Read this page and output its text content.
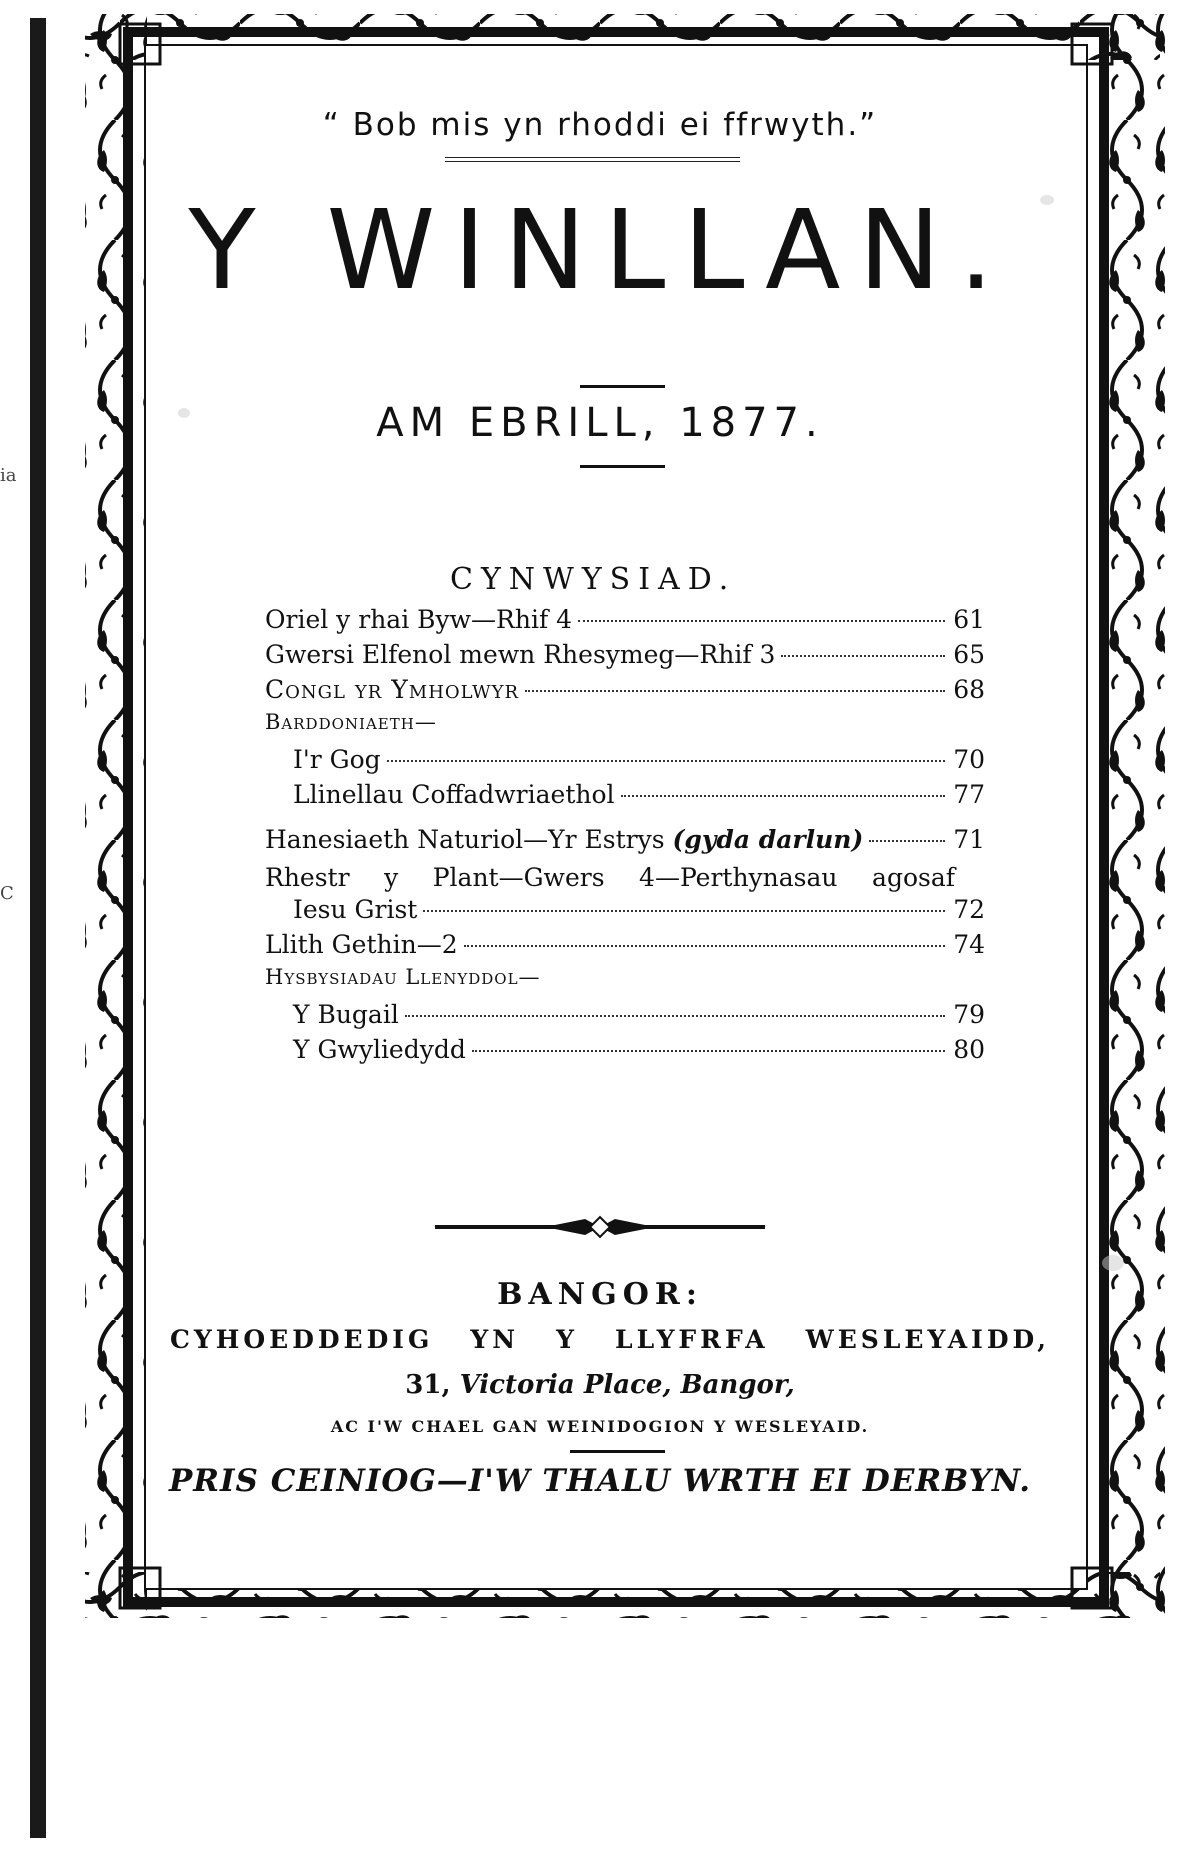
ia
C
“ Bob mis yn rhoddi ei ffrwyth.”
Y WINLLAN.
AM EBRILL, 1877.
CYNWYSIAD.
Oriel y rhai Byw—Rhif 4	61
Gwersi Elfenol mewn Rhesymeg—Rhif 3	65
Congl yr Ymholwyr	68
Barddoniaeth—
I'r Gog	70
Llinellau Coffadwriaethol	77
Hanesiaeth Naturiol—Yr Estrys (gyda darlun)	71
Rhestr y Plant—Gwers 4—Perthynasau agosaf
Iesu Grist	72
Llith Gethin—2	74
Hysbysiadau Llenyddol—
Y Bugail	79
Y Gwyliedydd	80
BANGOR:
CYHOEDDEDIG YN Y LLYFRFA WESLEYAIDD,
31, Victoria Place, Bangor,
AC I'W CHAEL GAN WEINIDOGION Y WESLEYAID.
PRIS CEINIOG—I'W THALU WRTH EI DERBYN.
